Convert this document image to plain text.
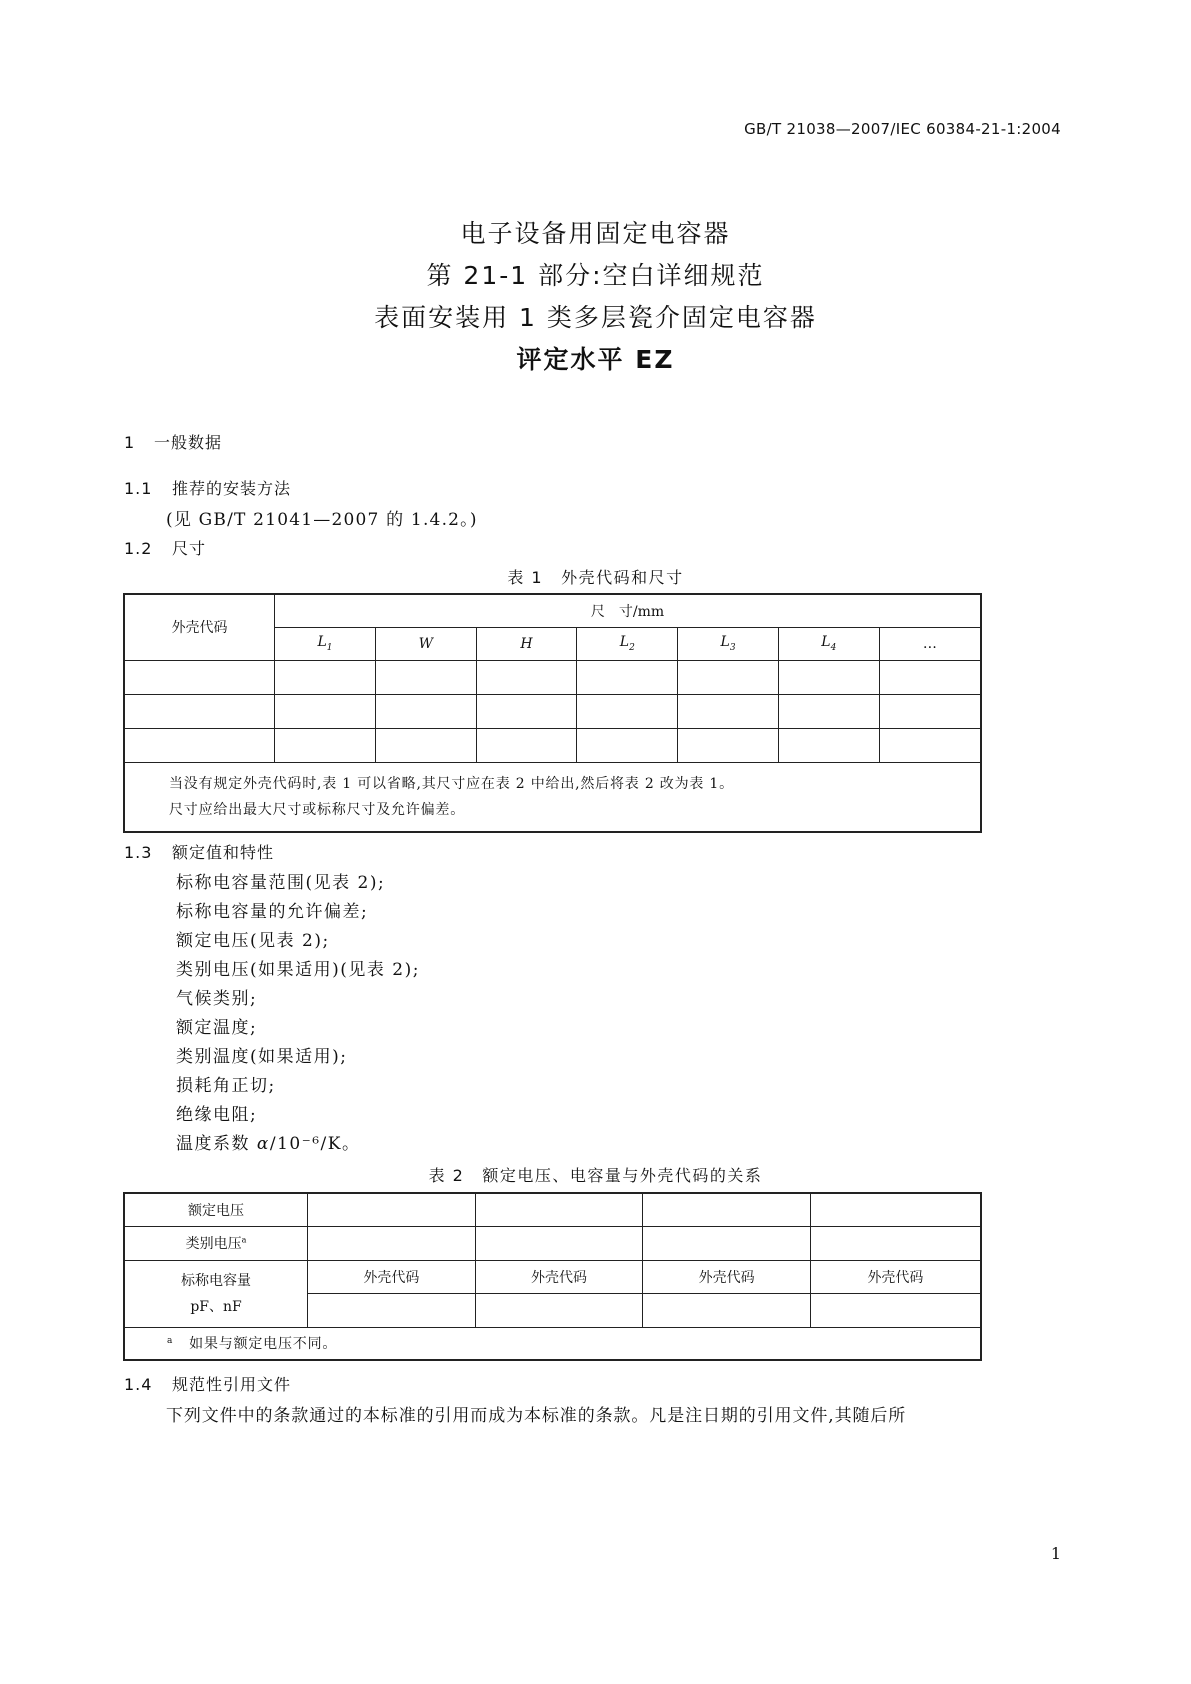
GB/T 21038—2007/IEC 60384-21-1:2004
电子设备用固定电容器
第 21-1 部分:空白详细规范
表面安装用 1 类多层瓷介固定电容器
评定水平 EZ
1 一般数据
1.1 推荐的安装方法
(见 GB/T 21041—2007 的 1.4.2。)
1.2 尺寸
表 1 外壳代码和尺寸
外壳代码	尺　寸/mm						
	$L_1$	W	H	$L_2$	$L_3$	$L_4$	…

当没有规定外壳代码时,表 1 可以省略,其尺寸应在表 2 中给出,然后将表 2 改为表 1。
尺寸应给出最大尺寸或标称尺寸及允许偏差。							
1.3 额定值和特性
标称电容量范围(见表 2);
标称电容量的允许偏差;
额定电压(见表 2);
类别电压(如果适用)(见表 2);
气候类别;
额定温度;
类别温度(如果适用);
损耗角正切;
绝缘电阻;
温度系数 α/10⁻⁶/K。
表 2 额定电压、电容量与外壳代码的关系
额定电压				
类别电压$^a$				

标称电容量
pF、nF	外壳代码	外壳代码	外壳代码	外壳代码

$^a$ 如果与额定电压不同。				
1.4 规范性引用文件
下列文件中的条款通过的本标准的引用而成为本标准的条款。凡是注日期的引用文件,其随后所
1
